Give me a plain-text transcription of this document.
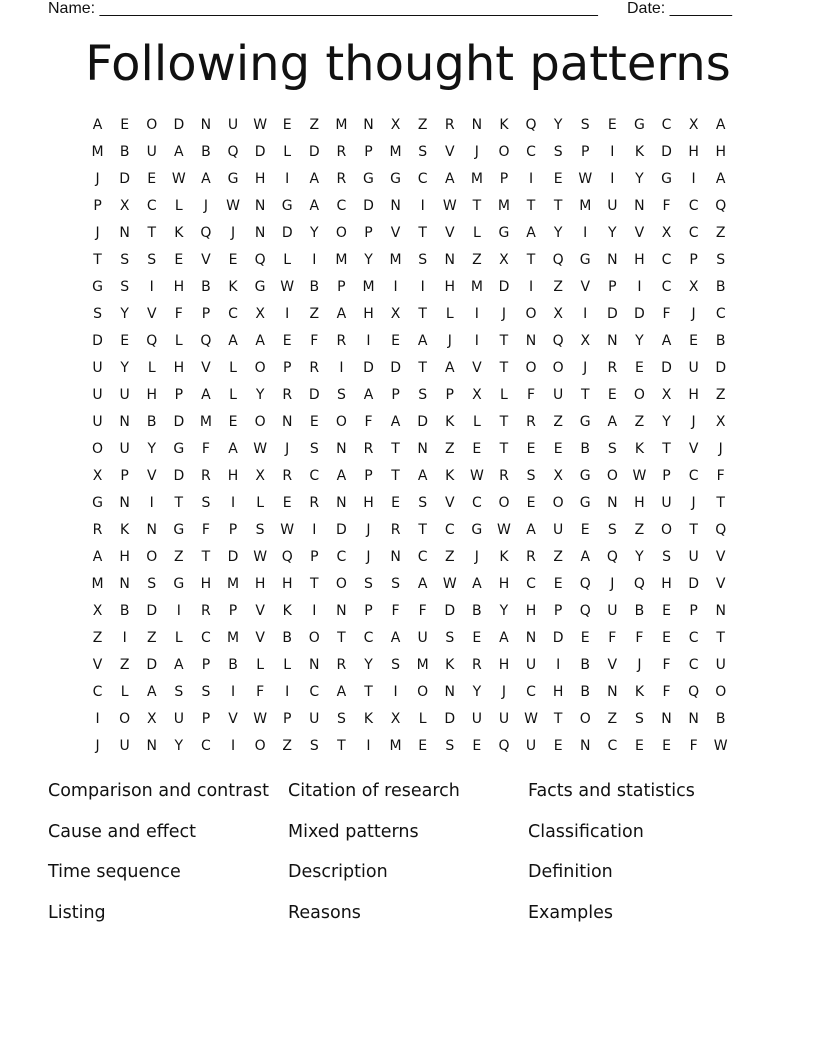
Name: ________________________________________________________ Date: _______
Following thought patterns
A	E	O	D	N	U	W	E	Z	M	N	X	Z	R	N	K	Q	Y	S	E	G	C	X	A
M	B	U	A	B	Q	D	L	D	R	P	M	S	V	J	O	C	S	P	I	K	D	H	H
J	D	E	W	A	G	H	I	A	R	G	G	C	A	M	P	I	E	W	I	Y	G	I	A
P	X	C	L	J	W	N	G	A	C	D	N	I	W	T	M	T	T	M	U	N	F	C	Q
J	N	T	K	Q	J	N	D	Y	O	P	V	T	V	L	G	A	Y	I	Y	V	X	C	Z
T	S	S	E	V	E	Q	L	I	M	Y	M	S	N	Z	X	T	Q	G	N	H	C	P	S
G	S	I	H	B	K	G	W	B	P	M	I	I	H	M	D	I	Z	V	P	I	C	X	B
S	Y	V	F	P	C	X	I	Z	A	H	X	T	L	I	J	O	X	I	D	D	F	J	C
D	E	Q	L	Q	A	A	E	F	R	I	E	A	J	I	T	N	Q	X	N	Y	A	E	B
U	Y	L	H	V	L	O	P	R	I	D	D	T	A	V	T	O	O	J	R	E	D	U	D
U	U	H	P	A	L	Y	R	D	S	A	P	S	P	X	L	F	U	T	E	O	X	H	Z
U	N	B	D	M	E	O	N	E	O	F	A	D	K	L	T	R	Z	G	A	Z	Y	J	X
O	U	Y	G	F	A	W	J	S	N	R	T	N	Z	E	T	E	E	B	S	K	T	V	J
X	P	V	D	R	H	X	R	C	A	P	T	A	K	W	R	S	X	G	O	W	P	C	F
G	N	I	T	S	I	L	E	R	N	H	E	S	V	C	O	E	O	G	N	H	U	J	T
R	K	N	G	F	P	S	W	I	D	J	R	T	C	G	W	A	U	E	S	Z	O	T	Q
A	H	O	Z	T	D	W	Q	P	C	J	N	C	Z	J	K	R	Z	A	Q	Y	S	U	V
M	N	S	G	H	M	H	H	T	O	S	S	A	W	A	H	C	E	Q	J	Q	H	D	V
X	B	D	I	R	P	V	K	I	N	P	F	F	D	B	Y	H	P	Q	U	B	E	P	N
Z	I	Z	L	C	M	V	B	O	T	C	A	U	S	E	A	N	D	E	F	F	E	C	T
V	Z	D	A	P	B	L	L	N	R	Y	S	M	K	R	H	U	I	B	V	J	F	C	U
C	L	A	S	S	I	F	I	C	A	T	I	O	N	Y	J	C	H	B	N	K	F	Q	O
I	O	X	U	P	V	W	P	U	S	K	X	L	D	U	U	W	T	O	Z	S	N	N	B
J	U	N	Y	C	I	O	Z	S	T	I	M	E	S	E	Q	U	E	N	C	E	E	F	W
Comparison and contrast	Citation of research	Facts and statistics
Cause and effect	Mixed patterns	Classification
Time sequence	Description	Definition
Listing	Reasons	Examples
